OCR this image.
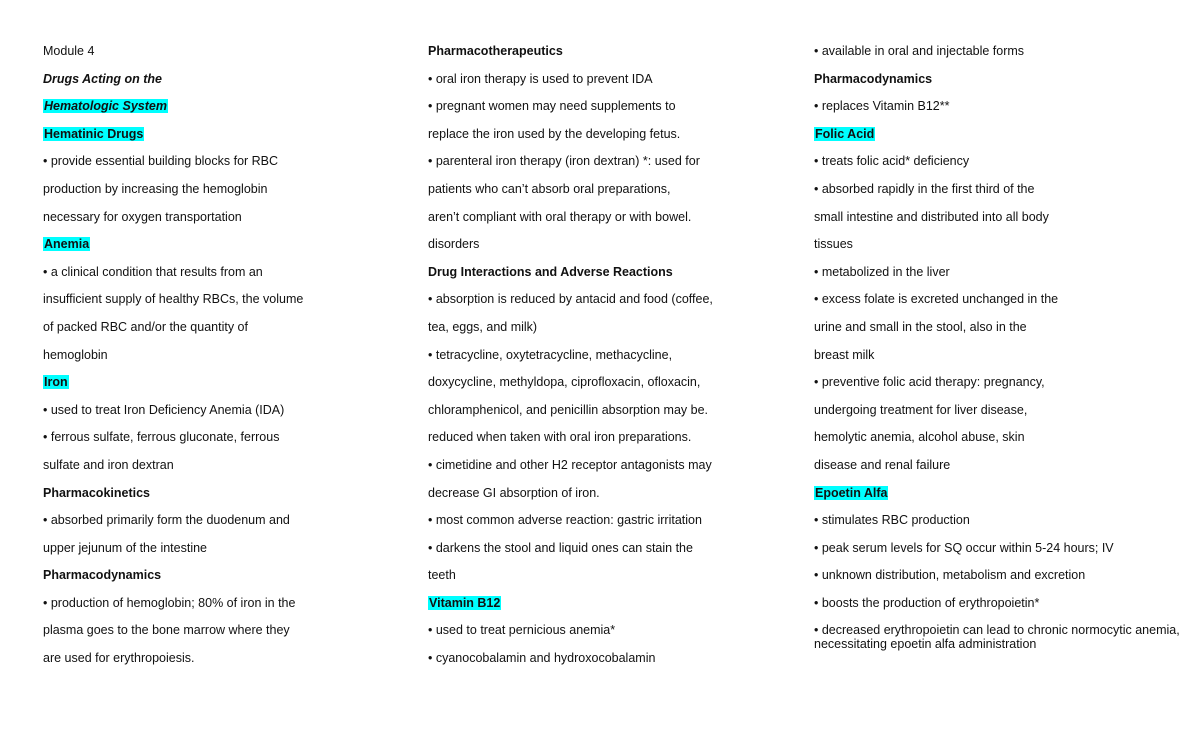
Module 4
Drugs Acting on the
Hematologic System
Hematinic Drugs
• provide essential building blocks for RBC
production by increasing the hemoglobin
necessary for oxygen transportation
Anemia
• a clinical condition that results from an
insufficient supply of healthy RBCs, the volume
of packed RBC and/or the quantity of
hemoglobin
Iron
• used to treat Iron Deficiency Anemia (IDA)
• ferrous sulfate, ferrous gluconate, ferrous
sulfate and iron dextran
Pharmacokinetics
• absorbed primarily form the duodenum and
upper jejunum of the intestine
Pharmacodynamics
• production of hemoglobin; 80% of iron in the
plasma goes to the bone marrow where they
are used for erythropoiesis.
Pharmacotherapeutics
• oral iron therapy is used to prevent IDA
• pregnant women may need supplements to
replace the iron used by the developing fetus.
• parenteral iron therapy (iron dextran) *: used for
patients who can’t absorb oral preparations,
aren’t compliant with oral therapy or with bowel.
disorders
Drug Interactions and Adverse Reactions
• absorption is reduced by antacid and food (coffee,
tea, eggs, and milk)
• tetracycline, oxytetracycline, methacycline,
doxycycline, methyldopa, ciprofloxacin, ofloxacin,
chloramphenicol, and penicillin absorption may be.
reduced when taken with oral iron preparations.
• cimetidine and other H2 receptor antagonists may
decrease GI absorption of iron.
• most common adverse reaction: gastric irritation
• darkens the stool and liquid ones can stain the
teeth
Vitamin B12
• used to treat pernicious anemia*
• cyanocobalamin and hydroxocobalamin
• available in oral and injectable forms
Pharmacodynamics
• replaces Vitamin B12**
Folic Acid
• treats folic acid* deficiency
• absorbed rapidly in the first third of the
small intestine and distributed into all body
tissues
• metabolized in the liver
• excess folate is excreted unchanged in the
urine and small in the stool, also in the
breast milk
• preventive folic acid therapy: pregnancy,
undergoing treatment for liver disease,
hemolytic anemia, alcohol abuse, skin
disease and renal failure
Epoetin Alfa
• stimulates RBC production
• peak serum levels for SQ occur within 5-24 hours; IV
• unknown distribution, metabolism and excretion
• boosts the production of erythropoietin*
• decreased erythropoietin can lead to chronic normocytic anemia, necessitating epoetin alfa administration
